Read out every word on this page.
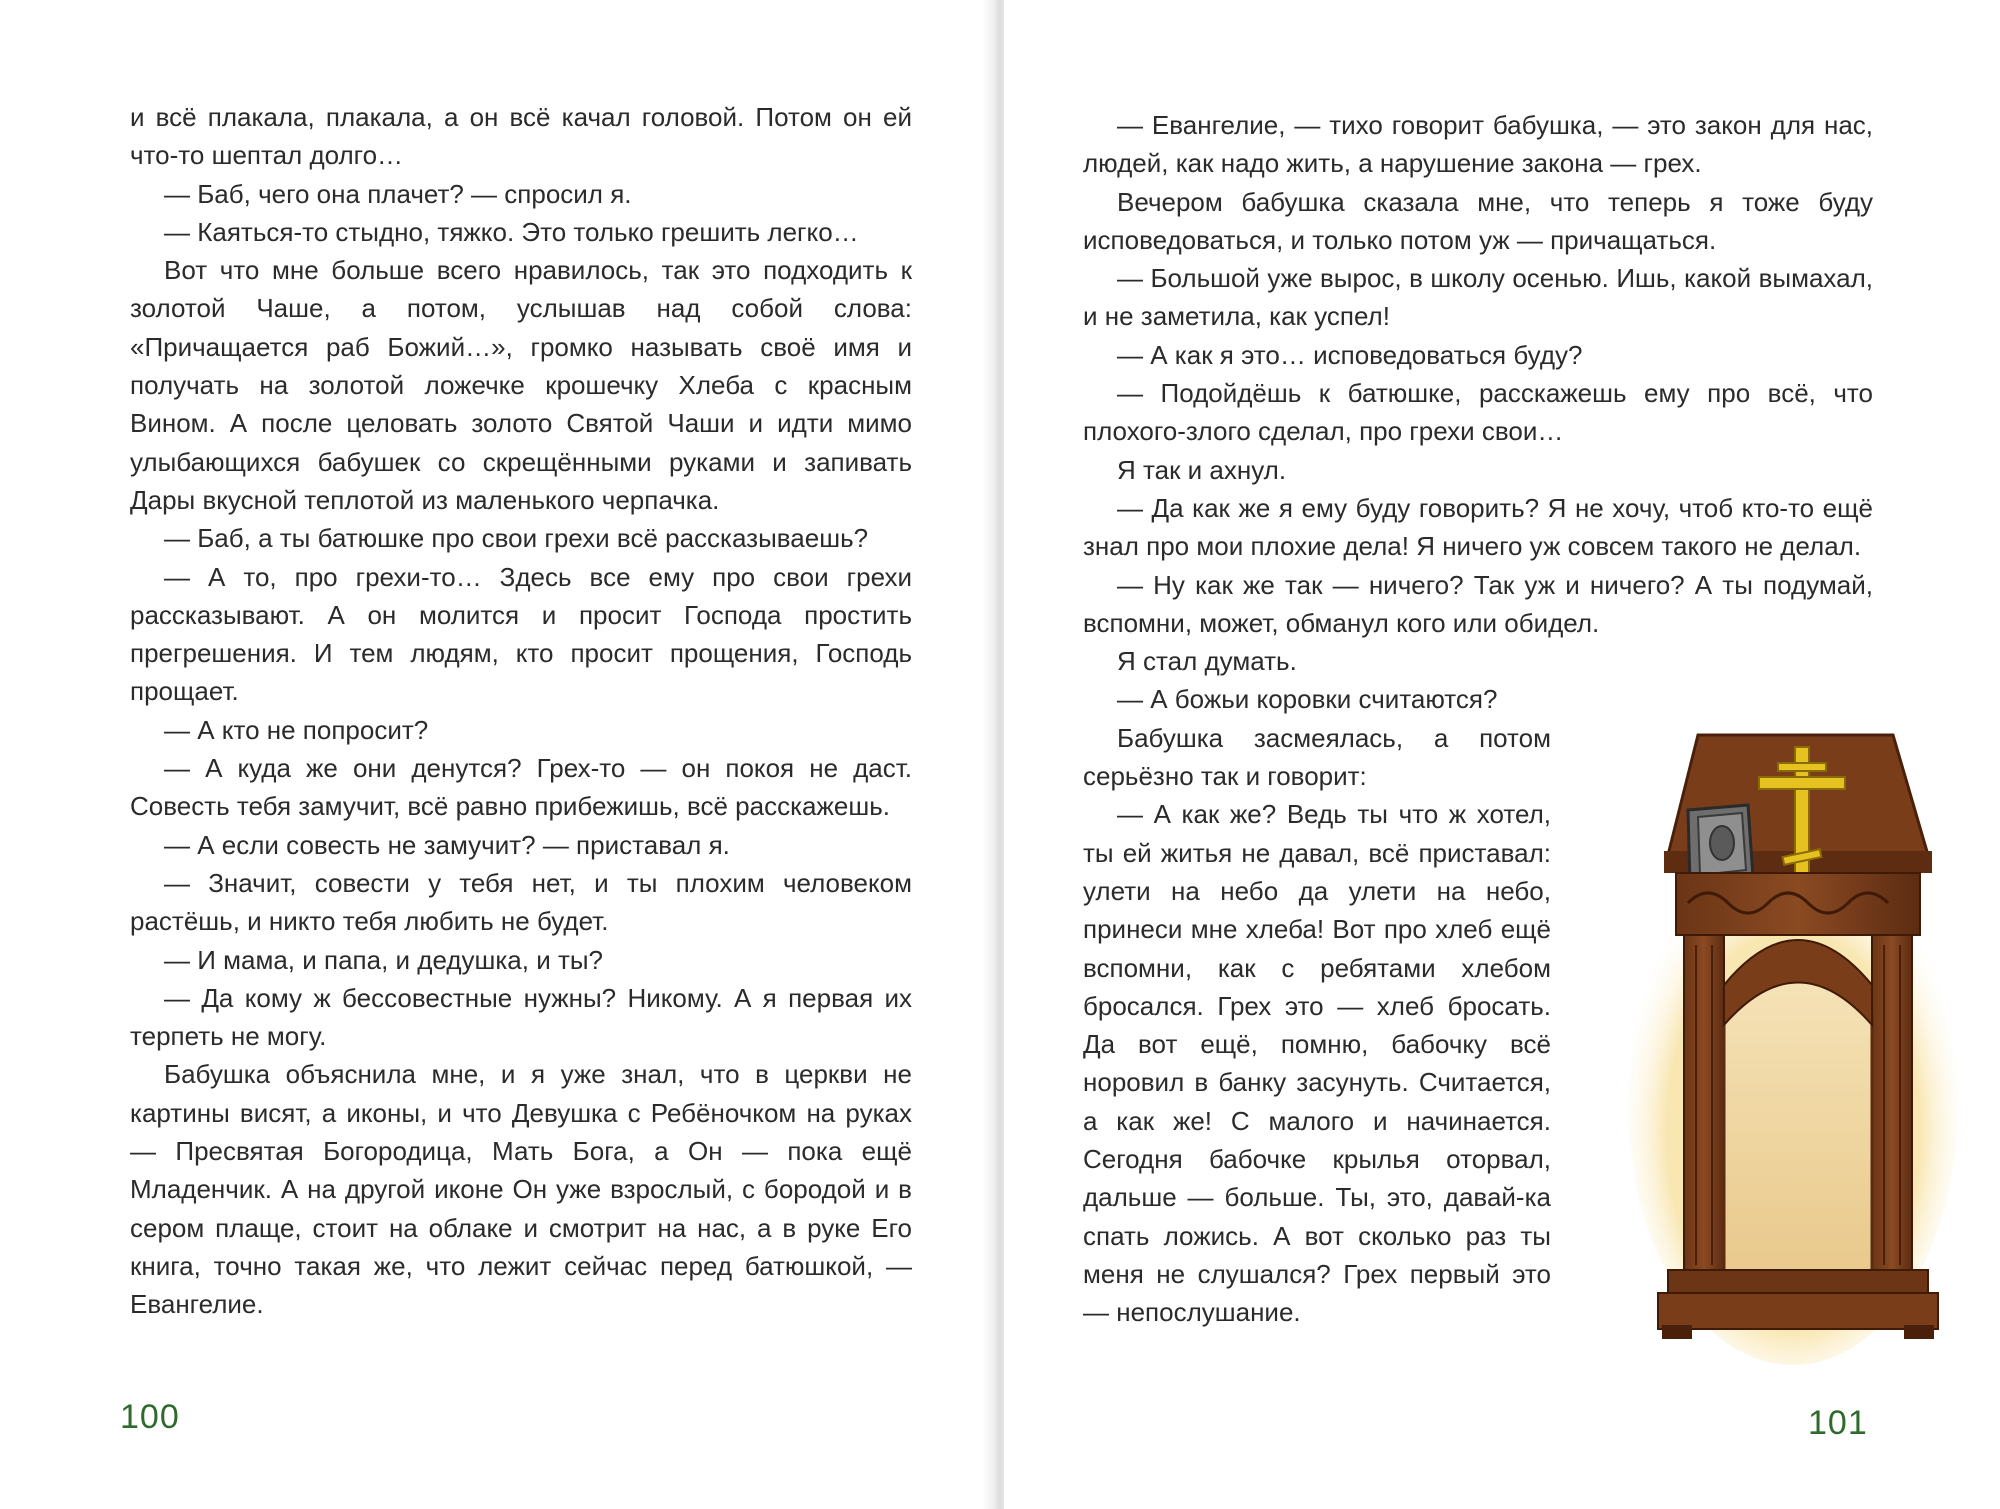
и всё плакала, плакала, а он всё качал головой. Потом он ей что-то шептал долго…

— Баб, чего она плачет? — спросил я.

— Каяться-то стыдно, тяжко. Это только грешить легко…

Вот что мне больше всего нравилось, так это подходить к золотой Чаше, а потом, услышав над собой слова: «Причащается раб Божий…», громко называть своё имя и получать на золотой ложечке крошечку Хлеба с красным Вином. А после целовать золото Святой Чаши и идти мимо улыбающихся бабушек со скрещёнными руками и запивать Дары вкусной теплотой из маленького черпачка.

— Баб, а ты батюшке про свои грехи всё рассказываешь?

— А то, про грехи-то… Здесь все ему про свои грехи рассказывают. А он молится и просит Господа простить прегрешения. И тем людям, кто просит прощения, Господь прощает.

— А кто не попросит?

— А куда же они денутся? Грех-то — он покоя не даст. Совесть тебя замучит, всё равно прибежишь, всё расскажешь.

— А если совесть не замучит? — приставал я.

— Значит, совести у тебя нет, и ты плохим человеком растёшь, и никто тебя любить не будет.

— И мама, и папа, и дедушка, и ты?

— Да кому ж бессовестные нужны? Никому. А я первая их терпеть не могу.

Бабушка объяснила мне, и я уже знал, что в церкви не картины висят, а иконы, и что Девушка с Ребёночком на руках — Пресвятая Богородица, Мать Бога, а Он — пока ещё Младенчик. А на другой иконе Он уже взрослый, с бородой и в сером плаще, стоит на облаке и смотрит на нас, а в руке Его книга, точно такая же, что лежит сейчас перед батюшкой, — Евангелие.

100

— Евангелие, — тихо говорит бабушка, — это закон для нас, людей, как надо жить, а нарушение закона — грех.

Вечером бабушка сказала мне, что теперь я тоже буду исповедоваться, и только потом уж — причащаться.

— Большой уже вырос, в школу осенью. Ишь, какой вымахал, и не заметила, как успел!

— А как я это… исповедоваться буду?

— Подойдёшь к батюшке, расскажешь ему про всё, что плохого-злого сделал, про грехи свои…

Я так и ахнул.

— Да как же я ему буду говорить? Я не хочу, чтоб кто-то ещё знал про мои плохие дела! Я ничего уж совсем такого не делал.

— Ну как же так — ничего? Так уж и ничего? А ты подумай, вспомни, может, обманул кого или обидел.

Я стал думать.

— А божьи коровки считаются?

Бабушка засмеялась, а потом серьёзно так и говорит:

— А как же? Ведь ты что ж хотел, ты ей житья не давал, всё приставал: улети на небо да улети на небо, принеси мне хлеба! Вот про хлеб ещё вспомни, как с ребятами хлебом бросался. Грех это — хлеб бросать. Да вот ещё, помню, бабочку всё норовил в банку засунуть. Считается, а как же! С малого и начинается. Сегодня бабочке крылья оторвал, дальше — больше. Ты, это, давай-ка спать ложись. А вот сколько раз ты меня не слушался? Грех первый это — непослушание.

101
